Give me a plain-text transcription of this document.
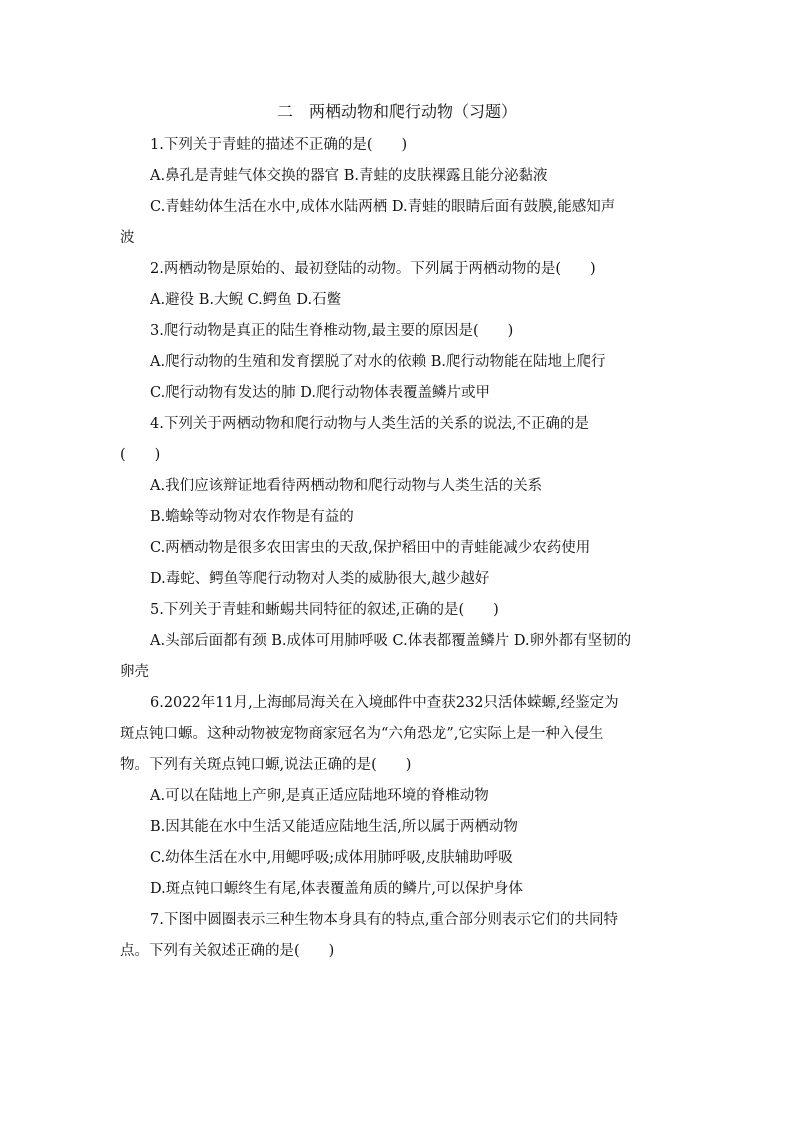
二　两栖动物和爬行动物（习题）
1.下列关于青蛙的描述不正确的是(　　)
A.鼻孔是青蛙气体交换的器官 B.青蛙的皮肤裸露且能分泌黏液
C.青蛙幼体生活在水中,成体水陆两栖 D.青蛙的眼睛后面有鼓膜,能感知声
波
2.两栖动物是原始的、最初登陆的动物。下列属于两栖动物的是(　　)
A.避役 B.大鲵 C.鳄鱼 D.石鳖
3.爬行动物是真正的陆生脊椎动物,最主要的原因是(　　)
A.爬行动物的生殖和发育摆脱了对水的依赖 B.爬行动物能在陆地上爬行
C.爬行动物有发达的肺 D.爬行动物体表覆盖鳞片或甲
4.下列关于两栖动物和爬行动物与人类生活的关系的说法,不正确的是
(　　)
A.我们应该辩证地看待两栖动物和爬行动物与人类生活的关系
B.蟾蜍等动物对农作物是有益的
C.两栖动物是很多农田害虫的天敌,保护稻田中的青蛙能减少农药使用
D.毒蛇、鳄鱼等爬行动物对人类的威胁很大,越少越好
5.下列关于青蛙和蜥蜴共同特征的叙述,正确的是(　　)
A.头部后面都有颈 B.成体可用肺呼吸 C.体表都覆盖鳞片 D.卵外都有坚韧的
卵壳
6.2022年11月,上海邮局海关在入境邮件中查获232只活体蝾螈,经鉴定为
斑点钝口螈。这种动物被宠物商家冠名为“六角恐龙”,它实际上是一种入侵生
物。下列有关斑点钝口螈,说法正确的是(　　)
A.可以在陆地上产卵,是真正适应陆地环境的脊椎动物
B.因其能在水中生活又能适应陆地生活,所以属于两栖动物
C.幼体生活在水中,用鳃呼吸;成体用肺呼吸,皮肤辅助呼吸
D.斑点钝口螈终生有尾,体表覆盖角质的鳞片,可以保护身体
7.下图中圆圈表示三种生物本身具有的特点,重合部分则表示它们的共同特
点。下列有关叙述正确的是(　　)
